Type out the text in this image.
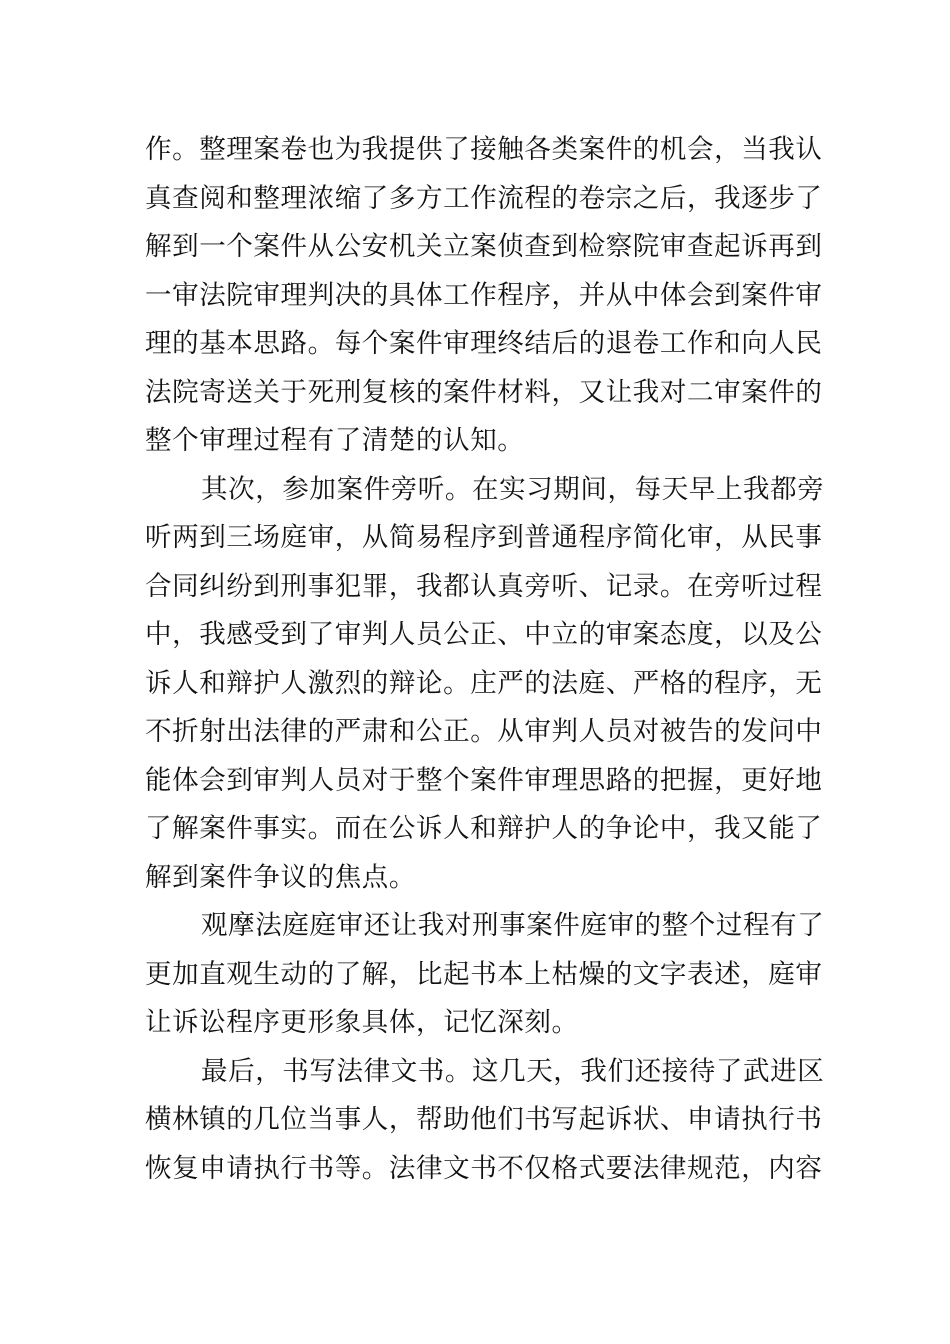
作。整理案卷也为我提供了接触各类案件的机会，当我认
真查阅和整理浓缩了多方工作流程的卷宗之后，我逐步了
解到一个案件从公安机关立案侦查到检察院审查起诉再到
一审法院审理判决的具体工作程序，并从中体会到案件审
理的基本思路。每个案件审理终结后的退卷工作和向人民
法院寄送关于死刑复核的案件材料，又让我对二审案件的
整个审理过程有了清楚的认知。
其次，参加案件旁听。在实习期间，每天早上我都旁
听两到三场庭审，从简易程序到普通程序简化审，从民事
合同纠纷到刑事犯罪，我都认真旁听、记录。在旁听过程
中，我感受到了审判人员公正、中立的审案态度，以及公
诉人和辩护人激烈的辩论。庄严的法庭、严格的程序，无
不折射出法律的严肃和公正。从审判人员对被告的发问中
能体会到审判人员对于整个案件审理思路的把握，更好地
了解案件事实。而在公诉人和辩护人的争论中，我又能了
解到案件争议的焦点。
观摩法庭庭审还让我对刑事案件庭审的整个过程有了
更加直观生动的了解，比起书本上枯燥的文字表述，庭审
让诉讼程序更形象具体，记忆深刻。
最后，书写法律文书。这几天，我们还接待了武进区
横林镇的几位当事人，帮助他们书写起诉状、申请执行书
恢复申请执行书等。法律文书不仅格式要法律规范，内容
